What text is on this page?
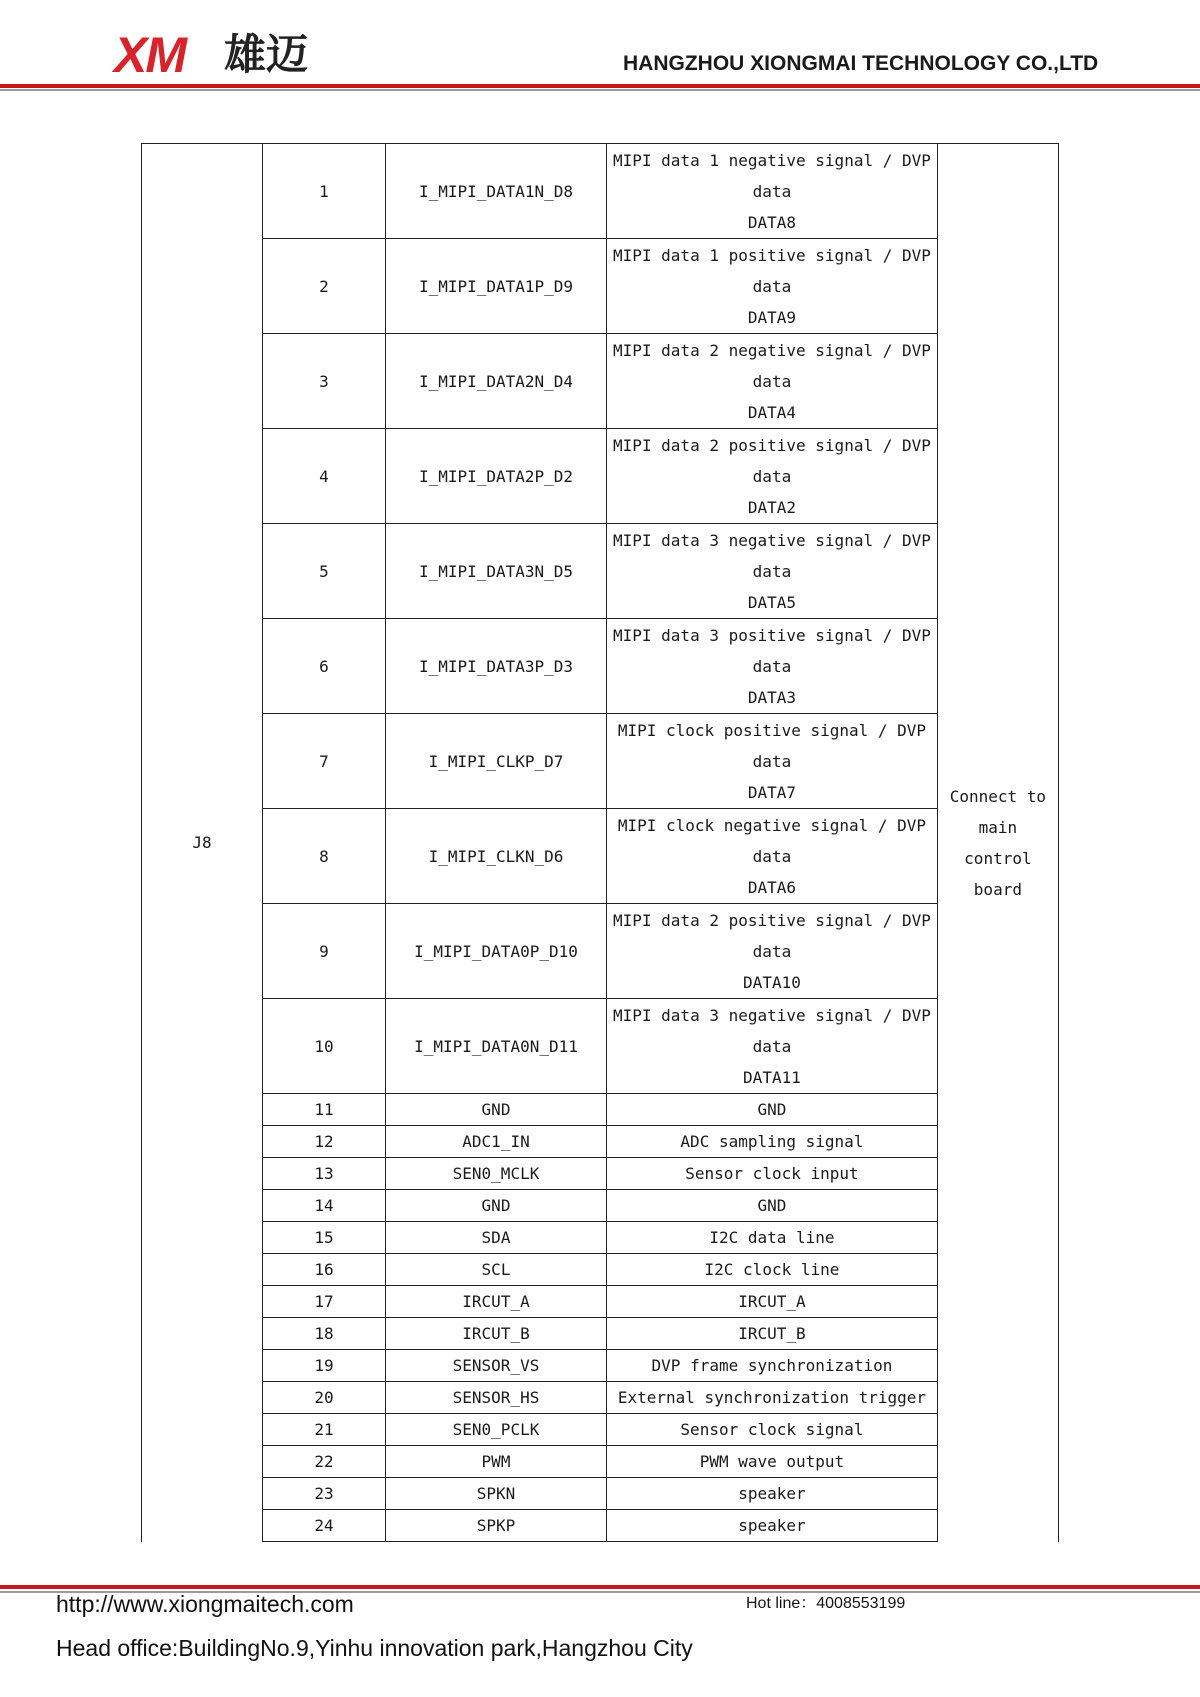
XM 雄迈	HANGZHOU XIONGMAI TECHNOLOGY CO.,LTD
J8	1	I_MIPI_DATA1N_D8	MIPI data 1 negative signal / DVP
data
DATA8	Connect to
main
control
board

	2	I_MIPI_DATA1P_D9	MIPI data 1 positive signal / DVP
data
DATA9	

	3	I_MIPI_DATA2N_D4	MIPI data 2 negative signal / DVP
data
DATA4	

	4	I_MIPI_DATA2P_D2	MIPI data 2 positive signal / DVP
data
DATA2	

	5	I_MIPI_DATA3N_D5	MIPI data 3 negative signal / DVP
data
DATA5	

	6	I_MIPI_DATA3P_D3	MIPI data 3 positive signal / DVP
data
DATA3	

	7	I_MIPI_CLKP_D7	MIPI clock positive signal / DVP
data
DATA7	

	8	I_MIPI_CLKN_D6	MIPI clock negative signal / DVP
data
DATA6	

	9	I_MIPI_DATA0P_D10	MIPI data 2 positive signal / DVP
data
DATA10	

	10	I_MIPI_DATA0N_D11	MIPI data 3 negative signal / DVP
data
DATA11	

	11	GND	GND	

	12	ADC1_IN	ADC sampling signal	

	13	SEN0_MCLK	Sensor clock input	

	14	GND	GND	

	15	SDA	I2C data line	

	16	SCL	I2C clock line	

	17	IRCUT_A	IRCUT_A	

	18	IRCUT_B	IRCUT_B	

	19	SENSOR_VS	DVP frame synchronization	

	20	SENSOR_HS	External synchronization trigger	

	21	SEN0_PCLK	Sensor clock signal	

	22	PWM	PWM wave output	

	23	SPKN	speaker	

	24	SPKP	speaker	
http://www.xiongmaitech.com	Hot line：4008553199
Head office:BuildingNo.9,Yinhu innovation park,Hangzhou City
